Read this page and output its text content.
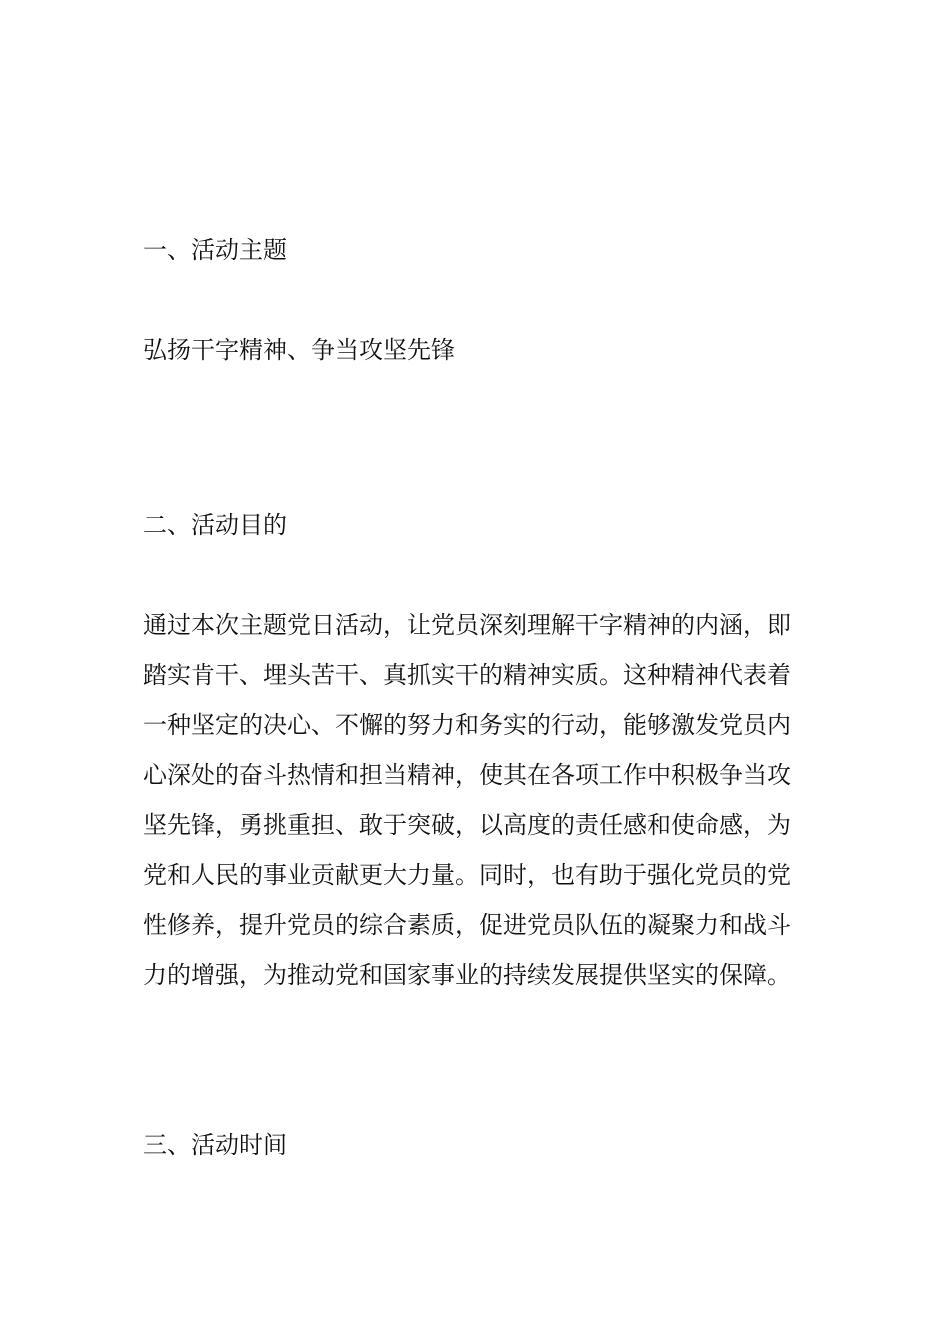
一、活动主题

弘扬干字精神、争当攻坚先锋

二、活动目的
通过本次主题党日活动，让党员深刻理解干字精神的内涵，即
踏实肯干、埋头苦干、真抓实干的精神实质。这种精神代表着
一种坚定的决心、不懈的努力和务实的行动，能够激发党员内
心深处的奋斗热情和担当精神，使其在各项工作中积极争当攻
坚先锋，勇挑重担、敢于突破，以高度的责任感和使命感，为
党和人民的事业贡献更大力量。同时，也有助于强化党员的党
性修养，提升党员的综合素质，促进党员队伍的凝聚力和战斗
力的增强，为推动党和国家事业的持续发展提供坚实的保障。
三、活动时间
